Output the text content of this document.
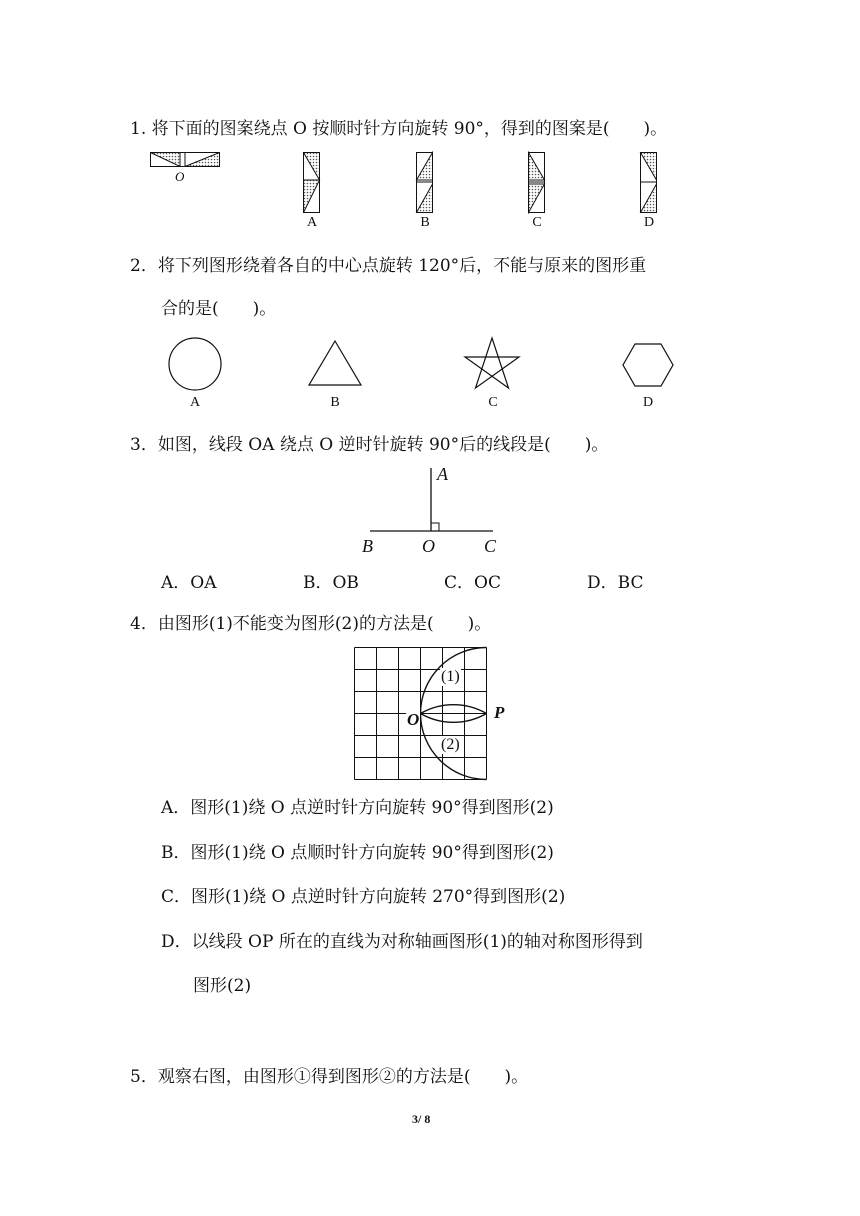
1. 将下面的图案绕点 O 按顺时针方向旋转 90°，得到的图案是(　　)。
O
A	B	C	D
2．将下列图形绕着各自的中心点旋转 120°后，不能与原来的图形重
合的是(　　)。
A	B	C	D
3．如图，线段 OA 绕点 O 逆时针旋转 90°后的线段是(　　)。
A
B	O	C
A．OA	B．OB	C．OC	D．BC
4．由图形(1)不能变为图形(2)的方法是(　　)。
(1)
(2)
O	P
A．图形(1)绕 O 点逆时针方向旋转 90°得到图形(2)
B．图形(1)绕 O 点顺时针方向旋转 90°得到图形(2)
C．图形(1)绕 O 点逆时针方向旋转 270°得到图形(2)
D．以线段 OP 所在的直线为对称轴画图形(1)的轴对称图形得到
图形(2)
5．观察右图，由图形①得到图形②的方法是(　　)。
3/ 8
